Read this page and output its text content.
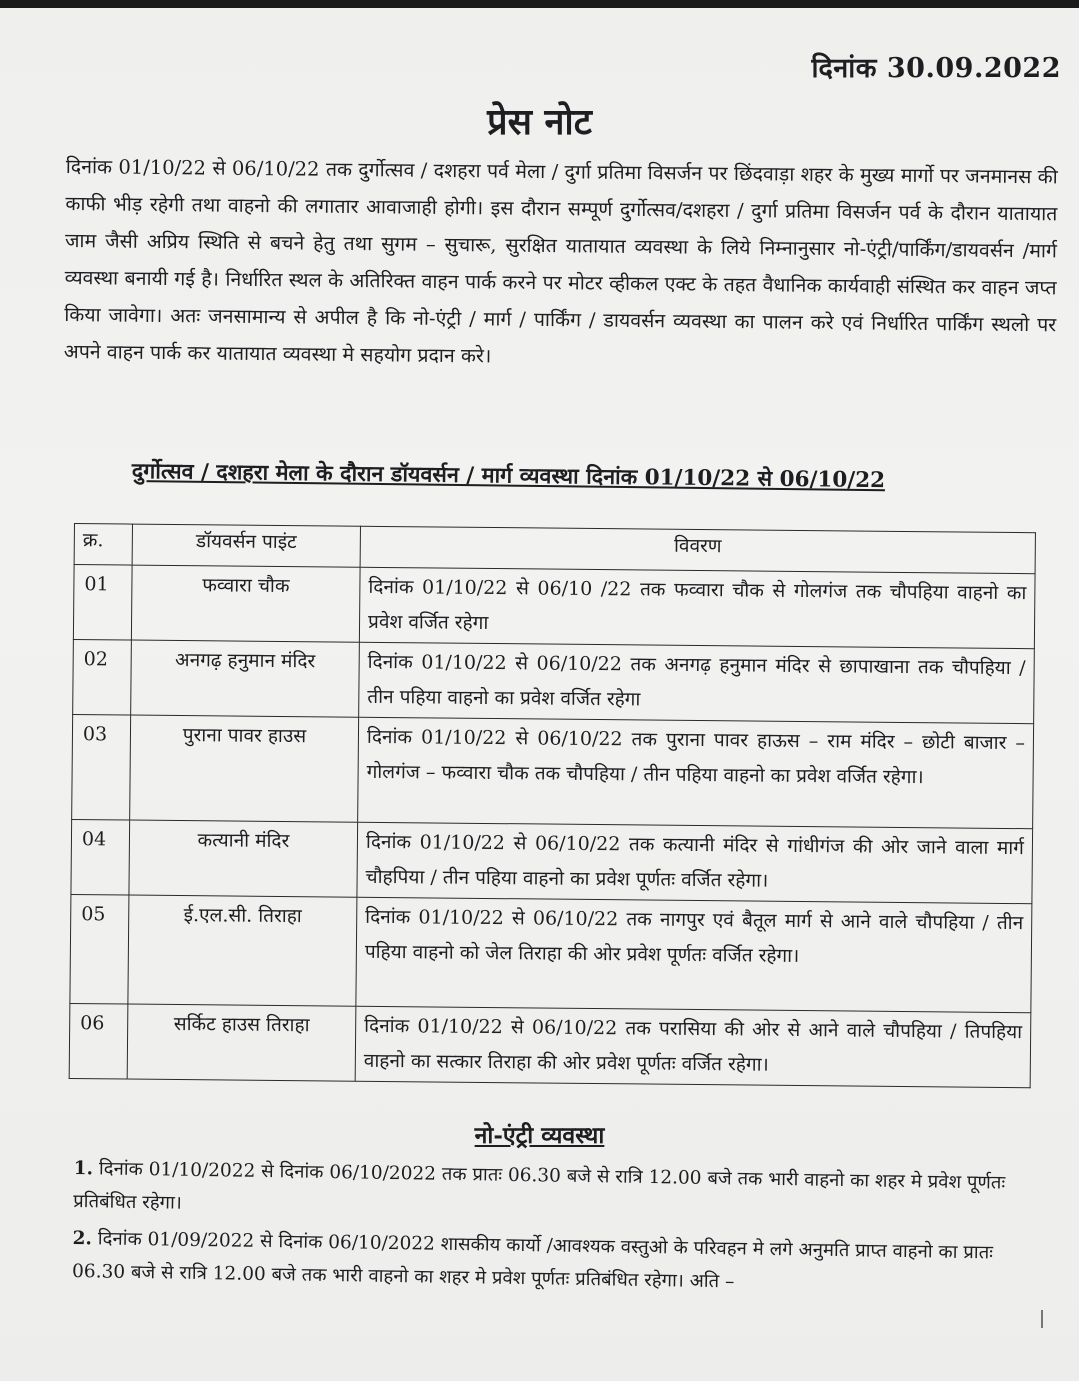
दिनांक 30.09.2022
प्रेस नोट
दिनांक 01/10/22 से 06/10/22 तक दुर्गोत्सव / दशहरा पर्व मेला / दुर्गा प्रतिमा विसर्जन पर छिंदवाड़ा शहर के मुख्य मार्गो पर जनमानस की काफी भीड़ रहेगी तथा वाहनो की लगातार आवाजाही होगी। इस दौरान सम्पूर्ण दुर्गोत्सव/दशहरा / दुर्गा प्रतिमा विसर्जन पर्व के दौरान यातायात जाम जैसी अप्रिय स्थिति से बचने हेतु तथा सुगम – सुचारू, सुरक्षित यातायात व्यवस्था के लिये निम्नानुसार नो-एंट्री/पार्किंग/डायवर्सन /मार्ग व्यवस्था बनायी गई है। निर्धारित स्थल के अतिरिक्त वाहन पार्क करने पर मोटर व्हीकल एक्ट के तहत वैधानिक कार्यवाही संस्थित कर वाहन जप्त किया जावेगा। अतः जनसामान्य से अपील है कि नो-एंट्री / मार्ग / पार्किंग / डायवर्सन व्यवस्था का पालन करे एवं निर्धारित पार्किंग स्थलो पर अपने वाहन पार्क कर यातायात व्यवस्था मे सहयोग प्रदान करे।
दुर्गोत्सव / दशहरा मेला के दौरान डॉयवर्सन / मार्ग व्यवस्था दिनांक 01/10/22 से 06/10/22
क्र.	डॉयवर्सन पाइंट	विवरण
01	फव्वारा चौक	दिनांक 01/10/22 से 06/10 /22 तक फव्वारा चौक से गोलगंज तक चौपहिया वाहनो का प्रवेश वर्जित रहेगा
02	अनगढ़ हनुमान मंदिर	दिनांक 01/10/22 से 06/10/22 तक अनगढ़ हनुमान मंदिर से छापाखाना तक चौपहिया / तीन पहिया वाहनो का प्रवेश वर्जित रहेगा
03	पुराना पावर हाउस	दिनांक 01/10/22 से 06/10/22 तक पुराना पावर हाऊस – राम मंदिर – छोटी बाजार – गोलगंज – फव्वारा चौक तक चौपहिया / तीन पहिया वाहनो का प्रवेश वर्जित रहेगा।
04	कत्यानी मंदिर	दिनांक 01/10/22 से 06/10/22 तक कत्यानी मंदिर से गांधीगंज की ओर जाने वाला मार्ग चौहपिया / तीन पहिया वाहनो का प्रवेश पूर्णतः वर्जित रहेगा।
05	ई.एल.सी. तिराहा	दिनांक 01/10/22 से 06/10/22 तक नागपुर एवं बैतूल मार्ग से आने वाले चौपहिया / तीन पहिया वाहनो को जेल तिराहा की ओर प्रवेश पूर्णतः वर्जित रहेगा।
06	सर्किट हाउस तिराहा	दिनांक 01/10/22 से 06/10/22 तक परासिया की ओर से आने वाले चौपहिया / तिपहिया वाहनो का सत्कार तिराहा की ओर प्रवेश पूर्णतः वर्जित रहेगा।
नो-एंट्री व्यवस्था

1. दिनांक 01/10/2022 से दिनांक 06/10/2022 तक प्रातः 06.30 बजे से रात्रि 12.00 बजे तक भारी वाहनो का शहर मे प्रवेश पूर्णतः प्रतिबंधित रहेगा।

2. दिनांक 01/09/2022 से दिनांक 06/10/2022 शासकीय कार्यो /आवश्यक वस्तुओ के परिवहन मे लगे अनुमति प्राप्त वाहनो का प्रातः 06.30 बजे से रात्रि 12.00 बजे तक भारी वाहनो का शहर मे प्रवेश पूर्णतः प्रतिबंधित रहेगा। अति –
